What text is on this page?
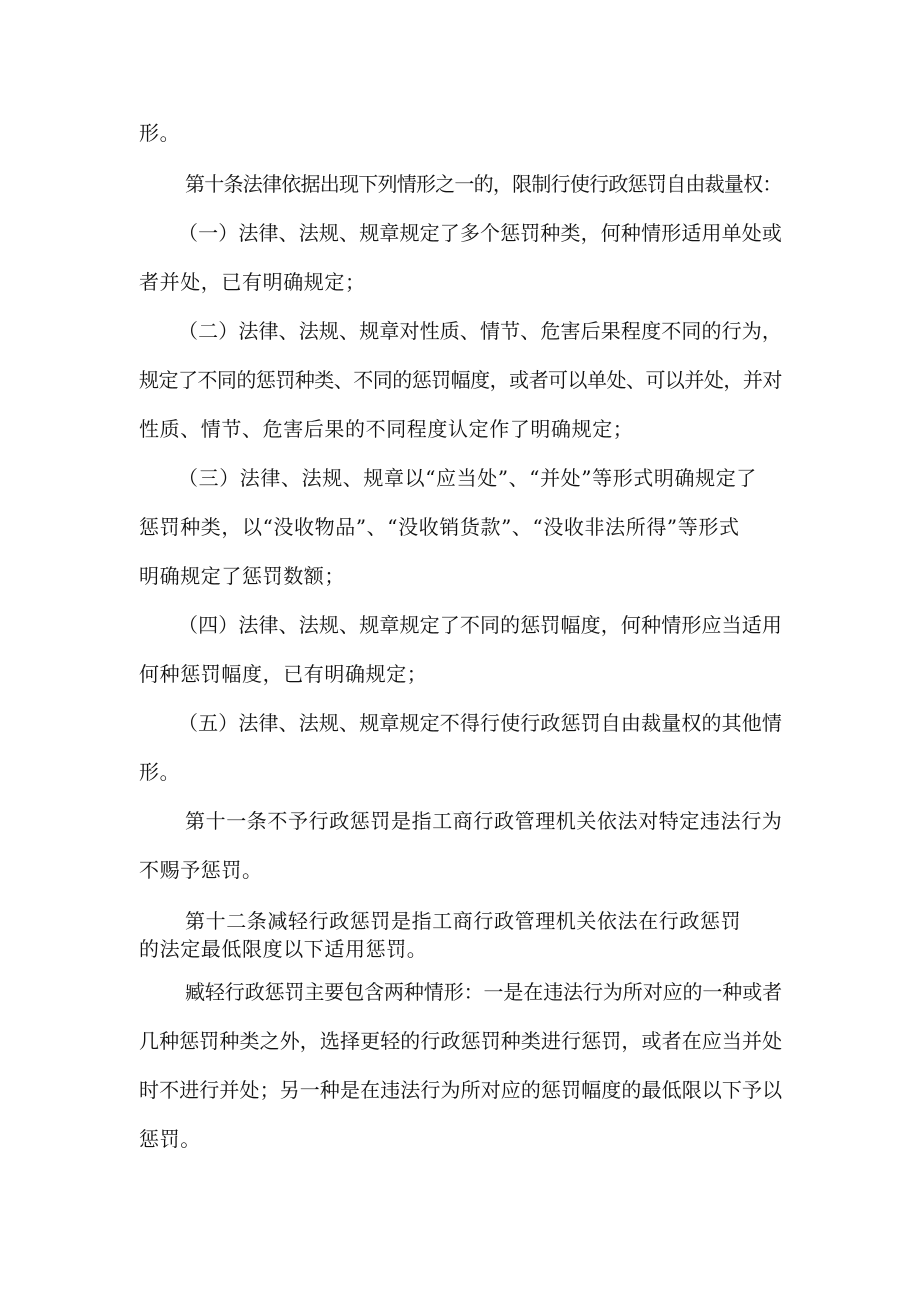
形。
第十条法律依据出现下列情形之一的，限制行使行政惩罚自由裁量权：
（一）法律、法规、规章规定了多个惩罚种类，何种情形适用单处或
者并处，已有明确规定；
（二）法律、法规、规章对性质、情节、危害后果程度不同的行为，
规定了不同的惩罚种类、不同的惩罚幅度，或者可以单处、可以并处，并对
性质、情节、危害后果的不同程度认定作了明确规定；
（三）法律、法规、规章以“应当处”、“并处”等形式明确规定了
惩罚种类，以“没收物品”、“没收销货款”、“没收非法所得”等形式
明确规定了惩罚数额；
（四）法律、法规、规章规定了不同的惩罚幅度，何种情形应当适用
何种惩罚幅度，已有明确规定；
（五）法律、法规、规章规定不得行使行政惩罚自由裁量权的其他情
形。
第十一条不予行政惩罚是指工商行政管理机关依法对特定违法行为
不赐予惩罚。
第十二条减轻行政惩罚是指工商行政管理机关依法在行政惩罚
的法定最低限度以下适用惩罚。
臧轻行政惩罚主要包含两种情形：一是在违法行为所对应的一种或者
几种惩罚种类之外，选择更轻的行政惩罚种类进行惩罚，或者在应当并处
时不进行并处；另一种是在违法行为所对应的惩罚幅度的最低限以下予以
惩罚。
